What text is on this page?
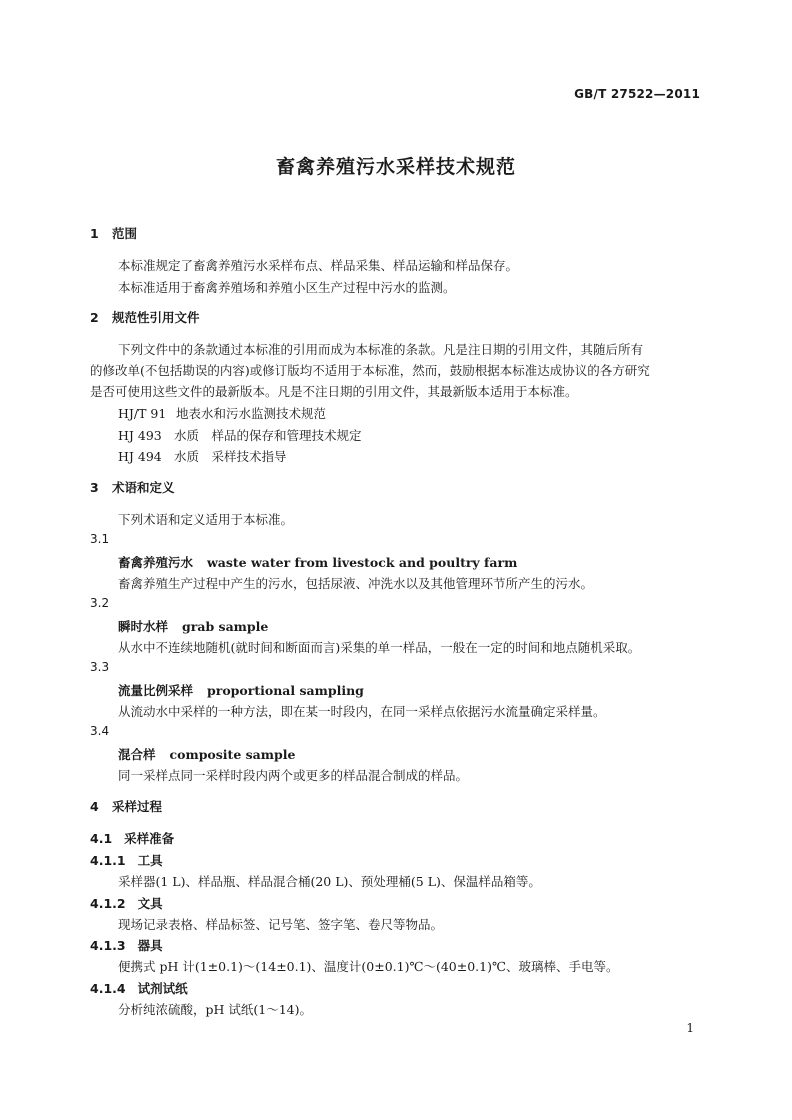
GB/T 27522—2011
畜禽养殖污水采样技术规范
1 范围
本标准规定了畜禽养殖污水采样布点、样品采集、样品运输和样品保存。
本标准适用于畜禽养殖场和养殖小区生产过程中污水的监测。
2 规范性引用文件
下列文件中的条款通过本标准的引用而成为本标准的条款。凡是注日期的引用文件，其随后所有
的修改单(不包括勘误的内容)或修订版均不适用于本标准，然而，鼓励根据本标准达成协议的各方研究
是否可使用这些文件的最新版本。凡是不注日期的引用文件，其最新版本适用于本标准。
HJ/T 91 地表水和污水监测技术规范
HJ 493 水质　样品的保存和管理技术规定
HJ 494 水质　采样技术指导
3 术语和定义
下列术语和定义适用于本标准。
3.1
畜禽养殖污水 waste water from livestock and poultry farm
畜禽养殖生产过程中产生的污水，包括尿液、冲洗水以及其他管理环节所产生的污水。
3.2
瞬时水样 grab sample
从水中不连续地随机(就时间和断面而言)采集的单一样品，一般在一定的时间和地点随机采取。
3.3
流量比例采样 proportional sampling
从流动水中采样的一种方法，即在某一时段内，在同一采样点依据污水流量确定采样量。
3.4
混合样 composite sample
同一采样点同一采样时段内两个或更多的样品混合制成的样品。
4 采样过程
4.1 采样准备
4.1.1 工具
采样器(1 L)、样品瓶、样品混合桶(20 L)、预处理桶(5 L)、保温样品箱等。
4.1.2 文具
现场记录表格、样品标签、记号笔、签字笔、卷尺等物品。
4.1.3 器具
便携式 pH 计(1±0.1)～(14±0.1)、温度计(0±0.1)℃～(40±0.1)℃、玻璃棒、手电等。
4.1.4 试剂试纸
分析纯浓硫酸，pH 试纸(1～14)。
1
